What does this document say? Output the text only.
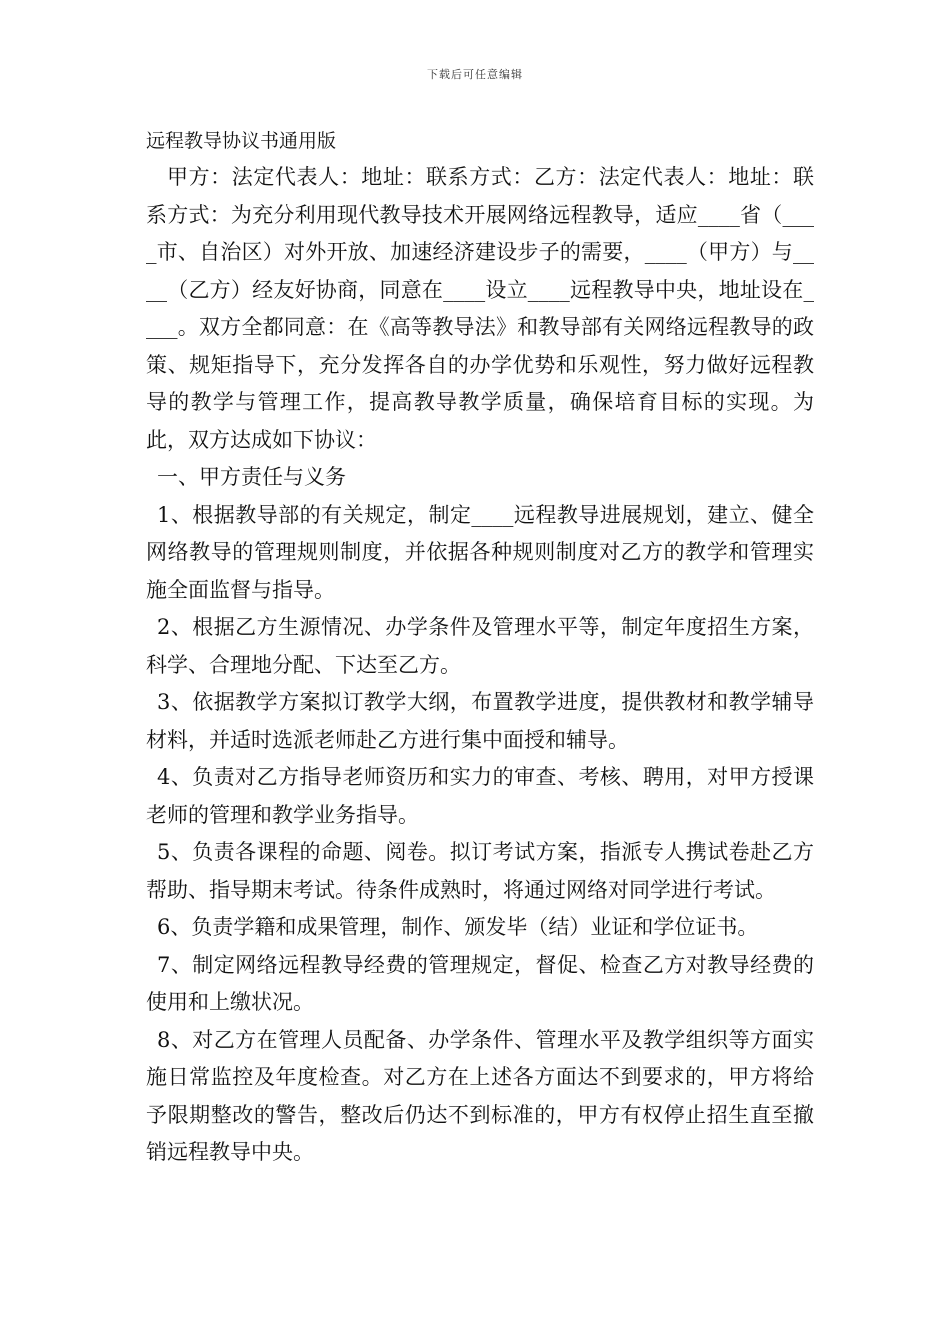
下载后可任意编辑
远程教导协议书通用版

甲方：法定代表人：地址：联系方式：乙方：法定代表人：地址：联系方式：为充分利用现代教导技术开展网络远程教导，适应____省（____市、自治区）对外开放、加速经济建设步子的需要，____（甲方）与____（乙方）经友好协商，同意在____设立____远程教导中央，地址设在____。双方全都同意：在《高等教导法》和教导部有关网络远程教导的政策、规矩指导下，充分发挥各自的办学优势和乐观性，努力做好远程教导的教学与管理工作，提高教导教学质量，确保培育目标的实现。为此，双方达成如下协议：

一、甲方责任与义务

1、根据教导部的有关规定，制定____远程教导进展规划，建立、健全网络教导的管理规则制度，并依据各种规则制度对乙方的教学和管理实施全面监督与指导。

2、根据乙方生源情况、办学条件及管理水平等，制定年度招生方案，科学、合理地分配、下达至乙方。

3、依据教学方案拟订教学大纲，布置教学进度，提供教材和教学辅导材料，并适时选派老师赴乙方进行集中面授和辅导。

4、负责对乙方指导老师资历和实力的审查、考核、聘用，对甲方授课老师的管理和教学业务指导。

5、负责各课程的命题、阅卷。拟订考试方案，指派专人携试卷赴乙方帮助、指导期末考试。待条件成熟时，将通过网络对同学进行考试。

6、负责学籍和成果管理，制作、颁发毕（结）业证和学位证书。

7、制定网络远程教导经费的管理规定，督促、检查乙方对教导经费的使用和上缴状况。

8、对乙方在管理人员配备、办学条件、管理水平及教学组织等方面实施日常监控及年度检查。对乙方在上述各方面达不到要求的，甲方将给予限期整改的警告，整改后仍达不到标准的，甲方有权停止招生直至撤销远程教导中央。
